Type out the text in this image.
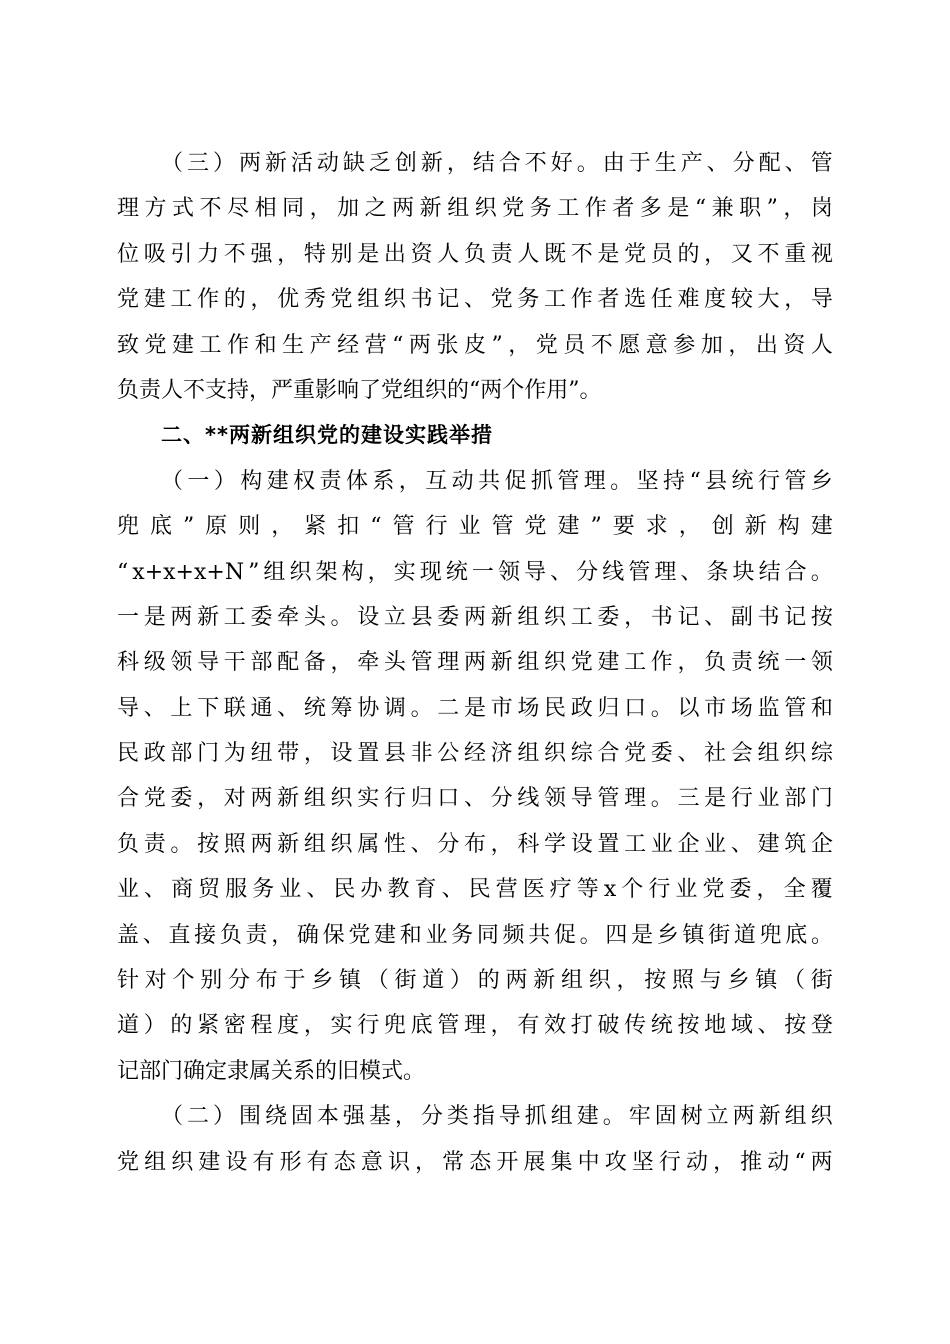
（ 三 ） 两 新 活 动 缺 乏 创 新 ， 结 合 不 好 。 由 于 生 产 、 分 配 、 管
理 方 式 不 尽 相 同 ， 加 之 两 新 组 织 党 务 工 作 者 多 是 “ 兼 职 ” ， 岗
位 吸 引 力 不 强 ， 特 别 是 出 资 人 负 责 人 既 不 是 党 员 的 ， 又 不 重 视
党 建 工 作 的 ， 优 秀 党 组 织 书 记 、 党 务 工 作 者 选 任 难 度 较 大 ， 导
致 党 建 工 作 和 生 产 经 营 “ 两 张 皮 ” ， 党 员 不 愿 意 参 加 ， 出 资 人
负责人不支持，严重影响了党组织的“两个作用”。
二、**两新组织党的建设实践举措
（ 一 ） 构 建 权 责 体 系 ， 互 动 共 促 抓 管 理 。 坚 持 “ 县 统 行 管 乡
兜 底 ” 原 则 ， 紧 扣 “ 管 行 业 管 党 建 ” 要 求 ， 创 新 构 建
“ x+x+x+N ” 组 织 架 构 ， 实 现 统 一 领 导 、 分 线 管 理 、 条 块 结 合 。
一 是 两 新 工 委 牵 头 。 设 立 县 委 两 新 组 织 工 委 ， 书 记 、 副 书 记 按
科 级 领 导 干 部 配 备 ， 牵 头 管 理 两 新 组 织 党 建 工 作 ， 负 责 统 一 领
导 、 上 下 联 通 、 统 筹 协 调 。 二 是 市 场 民 政 归 口 。 以 市 场 监 管 和
民 政 部 门 为 纽 带 ， 设 置 县 非 公 经 济 组 织 综 合 党 委 、 社 会 组 织 综
合 党 委 ， 对 两 新 组 织 实 行 归 口 、 分 线 领 导 管 理 。 三 是 行 业 部 门
负 责 。 按 照 两 新 组 织 属 性 、 分 布 ， 科 学 设 置 工 业 企 业 、 建 筑 企
业 、 商 贸 服 务 业 、 民 办 教 育 、 民 营 医 疗 等 x 个 行 业 党 委 ， 全 覆
盖 、 直 接 负 责 ， 确 保 党 建 和 业 务 同 频 共 促 。 四 是 乡 镇 街 道 兜 底 。
针 对 个 别 分 布 于 乡 镇 （ 街 道 ） 的 两 新 组 织 ， 按 照 与 乡 镇 （ 街
道 ） 的 紧 密 程 度 ， 实 行 兜 底 管 理 ， 有 效 打 破 传 统 按 地 域 、 按 登
记部门确定隶属关系的旧模式。
（ 二 ） 围 绕 固 本 强 基 ， 分 类 指 导 抓 组 建 。 牢 固 树 立 两 新 组 织
党 组 织 建 设 有 形 有 态 意 识 ， 常 态 开 展 集 中 攻 坚 行 动 ， 推 动 “ 两
